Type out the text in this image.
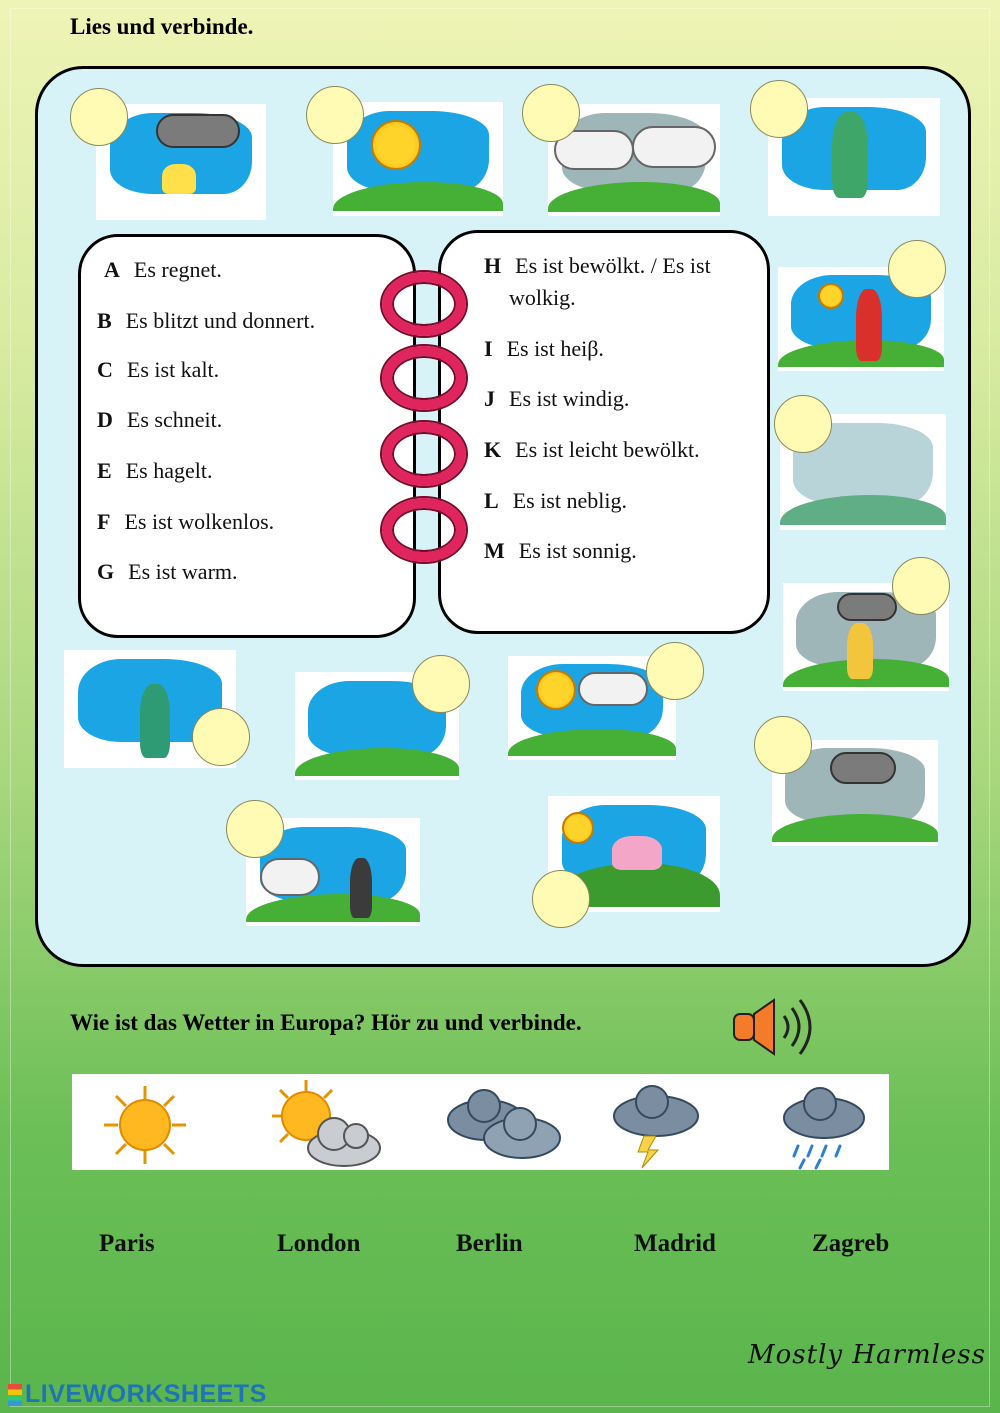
Lies und verbinde.
A Es regnet.
B Es blitzt und donnert.
C Es ist kalt.
D Es schneit.
E Es hagelt.
F Es ist wolkenlos.
G Es ist warm.
H Es ist bewölkt. / Es ist
wolkig.
I Es ist heiβ.
J Es ist windig.
K Es ist leicht bewölkt.
L Es ist neblig.
M Es ist sonnig.
Wie ist das Wetter in Europa? Hör zu und verbinde.
Paris	London	Berlin	Madrid	Zagreb
Mostly Harmless
LIVEWORKSHEETS
